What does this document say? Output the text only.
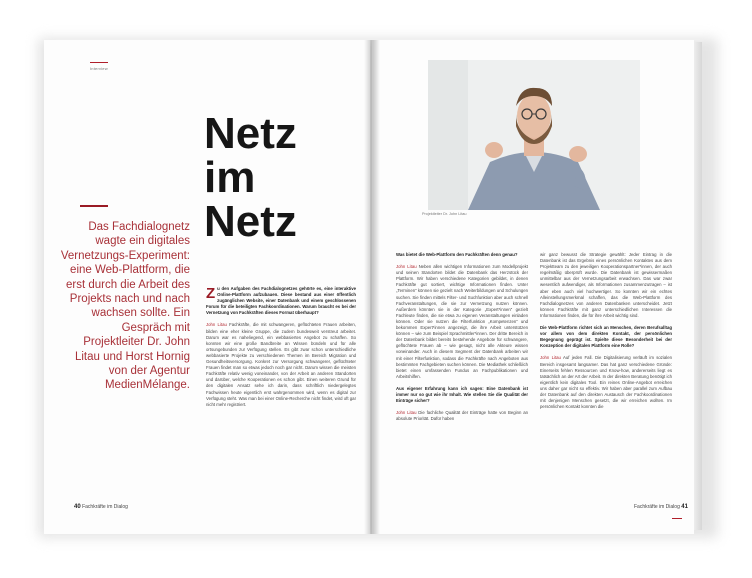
Interview
Netz
im
Netz
Das Fachdialognetz wagte ein digitales Vernetzungs-Experiment: eine Web-Plattform, die erst durch die Arbeit des Projekts nach und nach wachsen sollte. Ein Gespräch mit Projektleiter Dr. John Litau und Horst Hornig von der Agentur MedienMélange.

Z u den Aufgaben des Fachdialognetzes gehörte es, eine interaktive Online-Plattform aufzubauen. Diese bestand aus einer öffentlich zugänglichen Website, einer Datenbank und einem geschlossenen Forum für die beteiligten Fachkoordinationen. Warum braucht es bei der Vernetzung von Fachkräften dieses Format überhaupt?

John Litau Fachkräfte, die mit schwangeren, geflüchteten Frauen arbeiten, bilden eine eher kleine Gruppe, die zudem bundesweit verstreut arbeitet. Darum war es naheliegend, ein webbasiertes Angebot zu schaffen. So konnten wir eine große Bandbreite an Wissen bündeln und für alle ortsungebunden zur Verfügung stellen. Es gibt zwar schon unterschiedliche webbasierte Projekte zu verschiedenen Themen im Bereich Migration und Gesundheitsversorgung. Konkret zur Versorgung schwangerer, geflüchteter Frauen findet man so etwas jedoch noch gar nicht. Darum wissen die meisten Fachkräfte relativ wenig voneinander, von der Arbeit an anderen Standorten und darüber, welche Kooperationen es schon gibt. Einen weiteren Grund für den digitalen Ansatz sehe ich darin, dass schriftlich niedergelegtes Fachwissen heute eigentlich erst wahrgenommen wird, wenn es digital zur Verfügung steht. Was man bei einer Online-Recherche nicht findet, wird oft gar nicht mehr registriert.

40 Fachkräfte im Dialog
Projektleiter Dr. John Litau

Was bietet die Web-Plattform den Fachkräften denn genau?

John Litau Neben allen wichtigen Informationen zum Modellprojekt und seinen Standorten bildet die Datenbank das Herzstück der Plattform. Wir haben verschiedene Kategorien gebildet, in denen Fachkräfte gut sortiert, wichtige Informationen finden. Unter „Terminen“ können sie gezielt nach Weiterbildungen und Schulungen suchen. Sie finden mittels Filter- und Suchfunktion aber auch schnell Fachveranstaltungen, die sie zur Vernetzung nutzen können. Außerdem könnten sie in der Kategorie „Expert*innen“ gezielt Fachleute finden, die sie etwa zu eigenen Veranstaltungen einladen können. Oder sie nutzen die Filterfunktion „Kompetenzen“ und bekommen Expert*innen angezeigt, die ihre Arbeit unterstützen können – wie zum Beispiel Sprachmittler*innen. Der dritte Bereich in der Datenbank bildet bereits bestehende Angebote für schwangere, geflüchtete Frauen ab – wie gesagt, nicht alle Akteure wissen voneinander. Auch in diesem Segment der Datenbank arbeiten wir mit einer Filterfunktion, sodass die Fachkräfte nach Angeboten aus bestimmten Fachgebieten suchen können. Die Mediathek schließlich bietet einen umfassenden Fundus an Fachpublikationen und Arbeitshilfen.

Aus eigener Erfahrung kann ich sagen: Eine Datenbank ist immer nur so gut wie ihr Inhalt. Wie stellen Sie die Qualität der Einträge sicher?

John Litau Die fachliche Qualität der Einträge hatte von Beginn an absolute Priorität. Dafür haben

wir ganz bewusst die Strategie gewählt: Jeder Eintrag in die Datenbank ist das Ergebnis eines persönlichen Kontaktes aus dem Projektteam zu den jeweiligen Kooperationspartner*innen, der auch regelmäßig überprüft wurde. Die Datenbank ist gewissermaßen unmittelbar aus der Vernetzungsarbeit erwachsen. Das war zwar wesentlich aufwendiger, als Informationen zusammenzutragen – ist aber eben auch viel hochwertiger. So konnten wir ein echtes Alleinstellungsmerkmal schaffen, das die Web-Plattform des Fachdialognetzes von anderen Datenbanken unterscheidet. Jetzt können Fachkräfte mit ganz unterschiedlichen Interessen die Informationen finden, die für ihre Arbeit wichtig sind.

Die Web-Plattform richtet sich an Menschen, deren Berufsalltag vor allem von dem direkten Kontakt, der persönlichen Begegnung geprägt ist. Spielte diese Besonderheit bei der Konzeption der digitalen Plattform eine Rolle?

John Litau Auf jeden Fall. Die Digitalisierung verläuft im sozialen Bereich insgesamt langsamer. Das hat ganz verschiedene Gründe: Einerseits fehlen Ressourcen und Know-how, andererseits liegt es tatsächlich an der Art der Arbeit. In der direkten Beratung benötigt ich eigentlich kein digitales Tool. Ein reines Online-Angebot erreichen uns daher gar nicht so effektiv. Wir haben aber parallel zum Aufbau der Datenbank auf den direkten Austausch der Fachkoordinationen mit denjenigen Menschen gesetzt, die wir erreichen wollten. Im persönlichen Kontakt konnten die

Fachkräfte im Dialog 41
